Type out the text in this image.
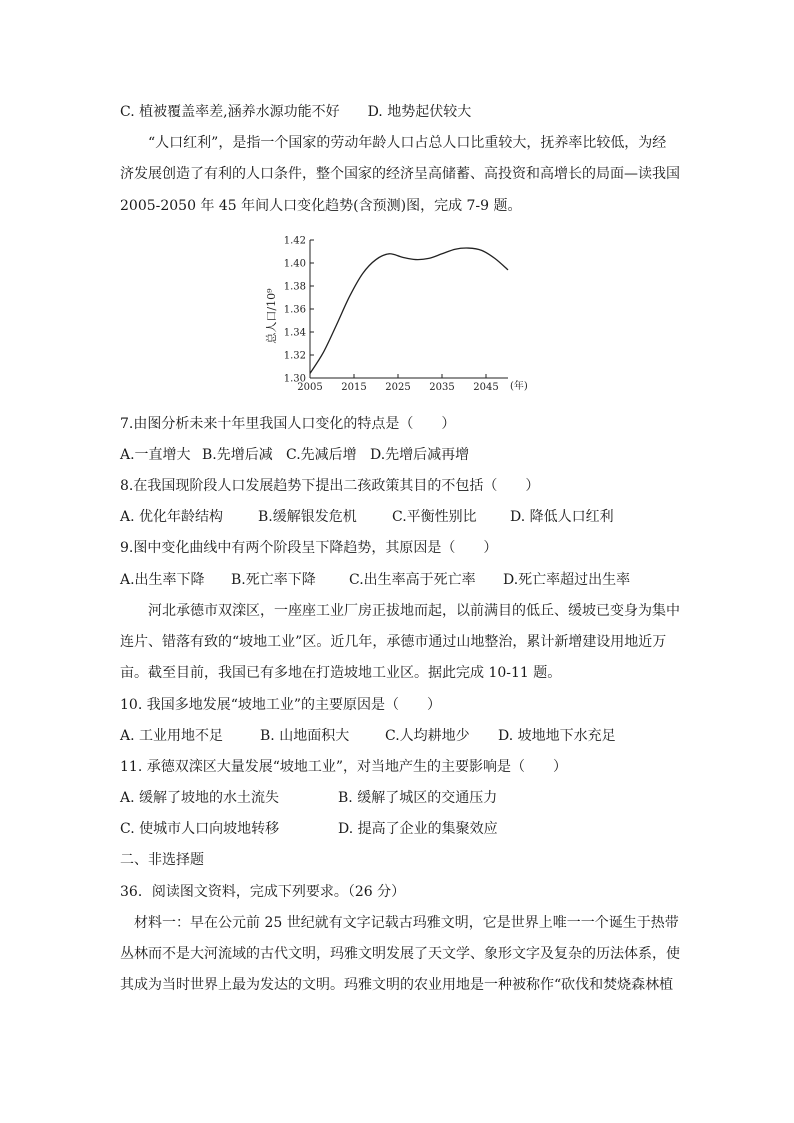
C. 植被覆盖率差,涵养水源功能不好　　D. 地势起伏较大
“人口红利”，是指一个国家的劳动年龄人口占总人口比重较大，抚养率比较低，为经
济发展创造了有利的人口条件，整个国家的经济呈高储蓄、高投资和高增长的局面—读我国
2005-2050 年 45 年间人口变化趋势(含预测)图，完成 7-9 题。
1.30
1.32
1.34
1.36
1.38
1.40
1.42
2005 2015 2025 2035 2045
总人口/10⁹
(年)
7.由图分析未来十年里我国人口变化的特点是（　　）
A.一直增大 B.先增后减 C.先减后增 D.先增后减再增
8.在我国现阶段人口发展趋势下提出二孩政策其目的不包括（　　）
A. 优化年龄结构 B.缓解银发危机	C.平衡性别比 D. 降低人口红利
9.图中变化曲线中有两个阶段呈下降趋势，其原因是（　　）
A.出生率下降 B.死亡率下降 C.出生率高于死亡率 D.死亡率超过出生率
河北承德市双滦区，一座座工业厂房正拔地而起，以前满目的低丘、缓坡已变身为集中
连片、错落有致的“坡地工业”区。近几年，承德市通过山地整治，累计新增建设用地近万
亩。截至目前，我国已有多地在打造坡地工业区。据此完成 10-11 题。
10. 我国多地发展“坡地工业”的主要原因是（　　）
A. 工业用地不足	B. 山地面积大	C.人均耕地少 D. 坡地地下水充足
11. 承德双滦区大量发展“坡地工业”，对当地产生的主要影响是（　　）
A. 缓解了坡地的水土流失	B. 缓解了城区的交通压力
C. 使城市人口向坡地转移	D. 提高了企业的集聚效应
二、非选择题
36．阅读图文资料，完成下列要求。（26 分）
材料一：早在公元前 25 世纪就有文字记载古玛雅文明，它是世界上唯一一个诞生于热带
丛林而不是大河流域的古代文明，玛雅文明发展了天文学、象形文字及复杂的历法体系，使
其成为当时世界上最为发达的文明。玛雅文明的农业用地是一种被称作“砍伐和焚烧森林植
